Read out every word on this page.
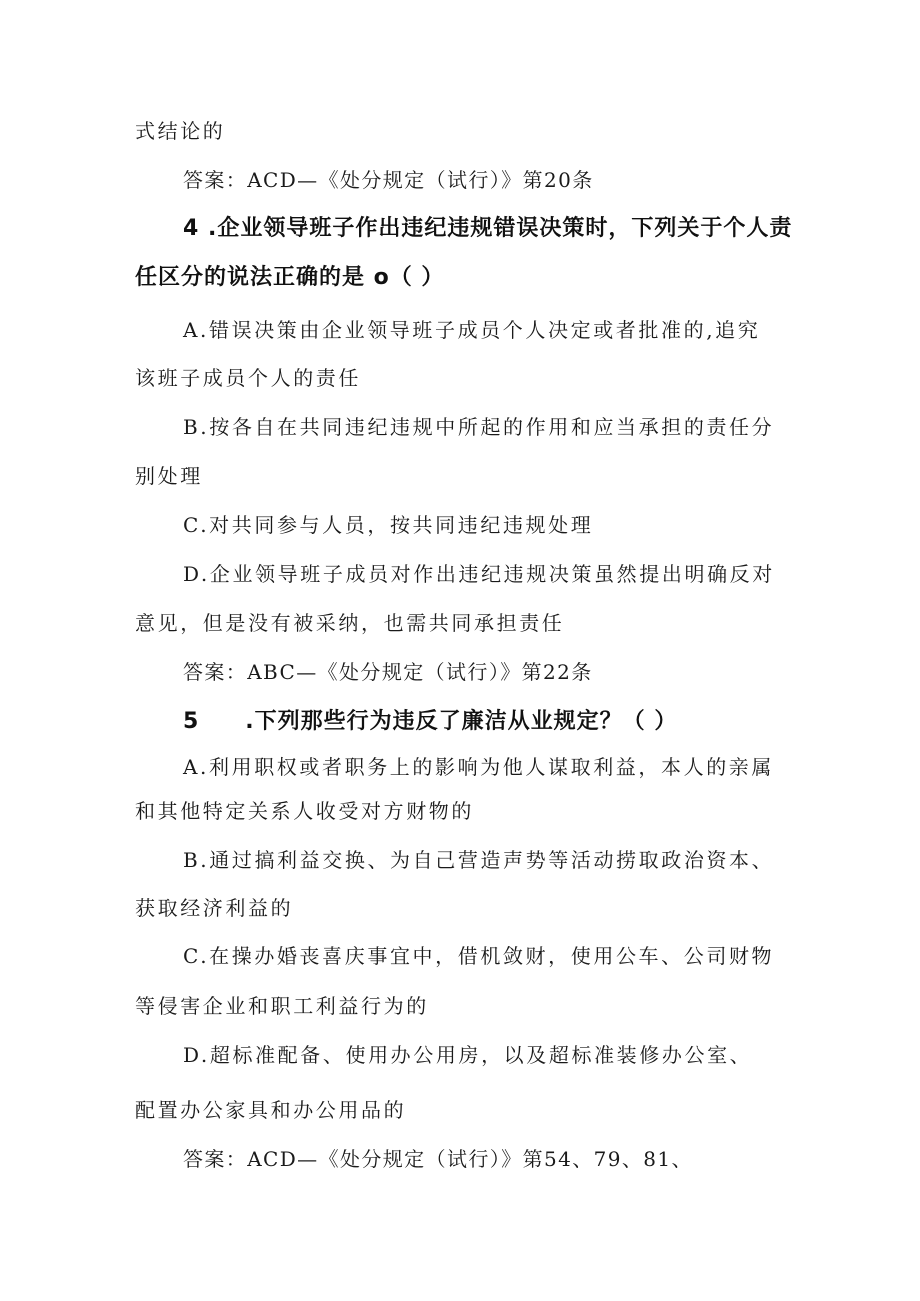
式结论的
答案：ACD—《处分规定（试行）》第20条
4 .企业领导班子作出违纪违规错误决策时，下列关于个人责
任区分的说法正确的是 o（ ）
A.错误决策由企业领导班子成员个人决定或者批准的,追究
该班子成员个人的责任
B.按各自在共同违纪违规中所起的作用和应当承担的责任分
别处理
C.对共同参与人员，按共同违纪违规处理
D.企业领导班子成员对作出违纪违规决策虽然提出明确反对
意见，但是没有被采纳，也需共同承担责任
答案：ABC—《处分规定（试行）》第22条
5　　.下列那些行为违反了廉洁从业规定？（ ）
A.利用职权或者职务上的影响为他人谋取利益，本人的亲属
和其他特定关系人收受对方财物的
B.通过搞利益交换、为自己营造声势等活动捞取政治资本、
获取经济利益的
C.在操办婚丧喜庆事宜中，借机敛财，使用公车、公司财物
等侵害企业和职工利益行为的
D.超标准配备、使用办公用房，以及超标准装修办公室、
配置办公家具和办公用品的
答案：ACD—《处分规定（试行）》第54、79、81、
